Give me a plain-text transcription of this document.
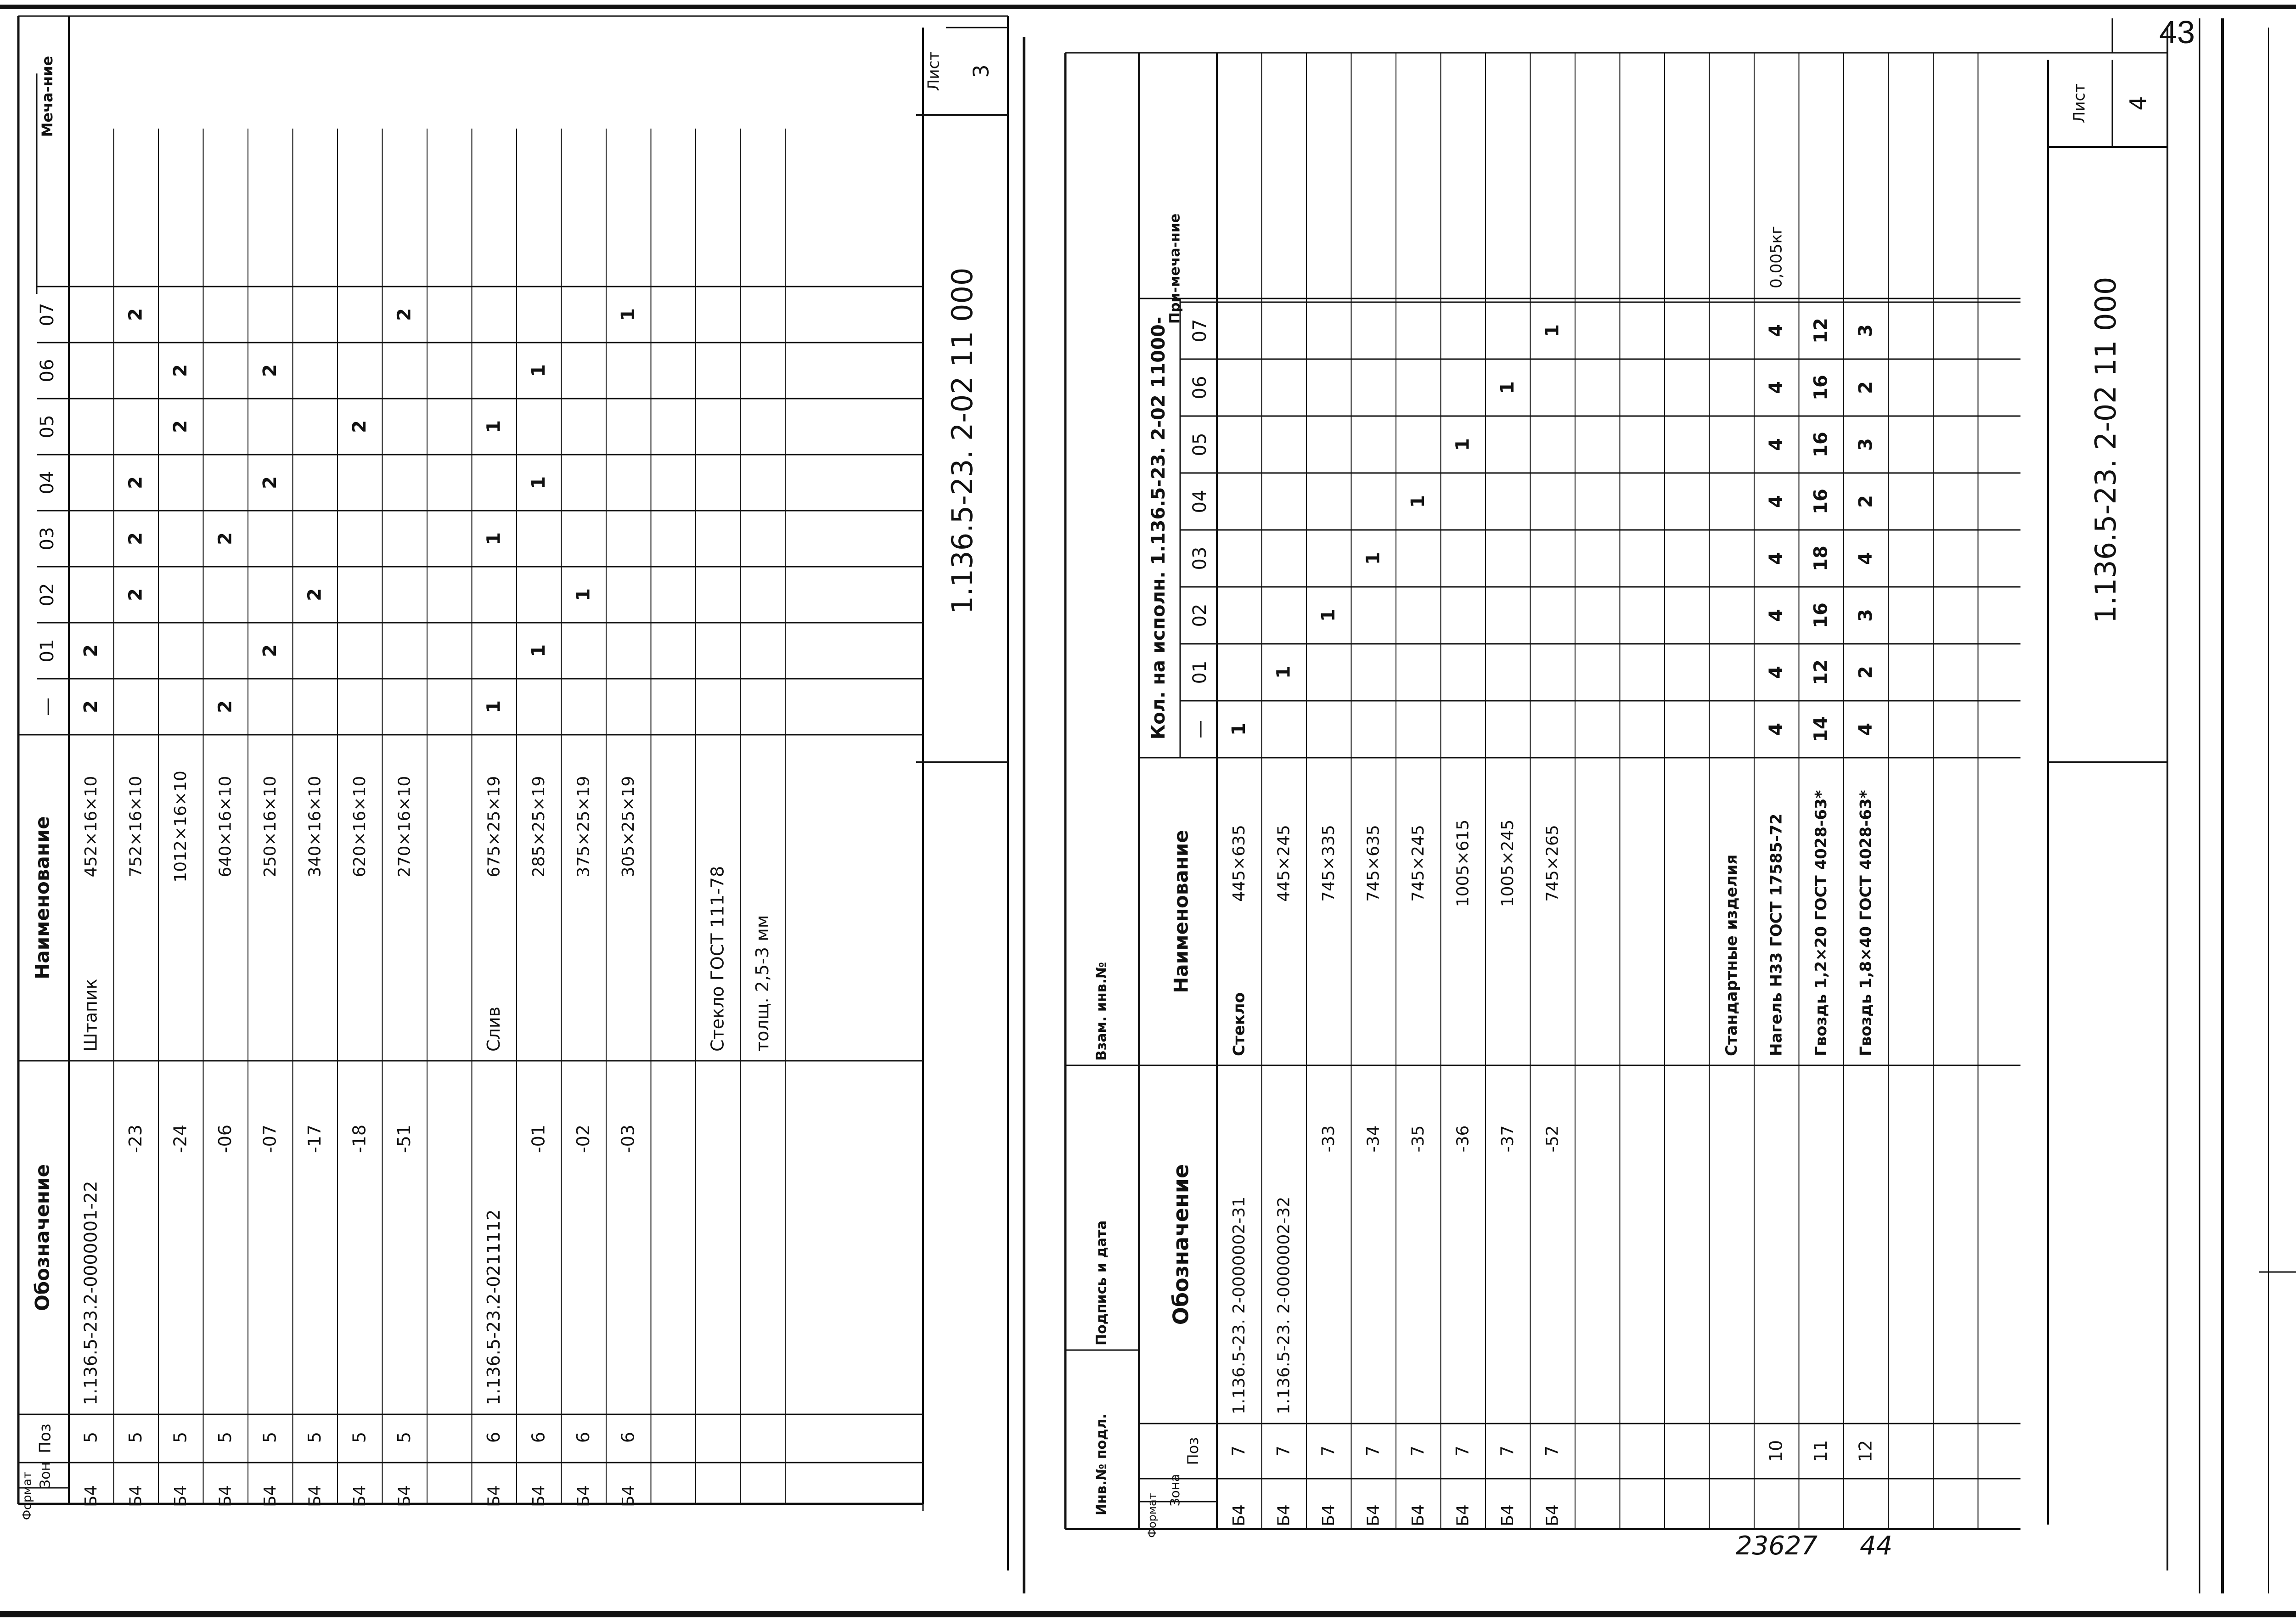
Формат Зон
Поз
Обозначение
Наименование
Меча-ние
—
01
02
03
04
05
06
07
Б4
5
1.136.5-23.2-0000001-22
Штапик
452×16×10
2
2
Б4
5
-23
752×16×10
2
2
2
2
Б4
5
-24
1012×16×10
2
2
Б4
5
-06
640×16×10
2
2
Б4
5
-07
250×16×10
2
2
2
Б4
5
-17
340×16×10
2
Б4
5
-18
620×16×10
2
Б4
5
-51
270×16×10
2
Б4
6
1.136.5-23.2-0211112
Слив
675×25×19
1
1
1
Б4
6
-01
285×25×19
1
1
1
Б4
6
-02
375×25×19
1
Б4
6
-03
305×25×19
1
Стекло ГОСТ 111-78 толщ. 2,5-3 мм
1.136.5-23. 2-02 11 000
Лист 3
Инв.№ подл.
Подпись и дата
Взам. инв.№
Формат
Зона
Поз
Обозначение
Наименование
Кол. на исполн. 1.136.5-23. 2-02 11000-
При-меча-ние
—
01
02
03
04
05
06
07
Б4
7
1.136.5-23. 2-0000002-31
Стекло
445×635
1
Б4
7
1.136.5-23. 2-0000002-32
445×245
1
Б4
7
-33
745×335
1
Б4
7
-34
745×635
1
Б4
7
-35
745×245
1
Б4
7
-36
1005×615
1
Б4
7
-37
1005×245
1
Б4
7
-52
745×265
1
Стандартные изделия
10
Нагель Н33 ГОСТ 17585-72
4
4
4
4
4
4
4
4
0,005кг
11
Гвоздь 1,2×20 ГОСТ 4028-63*
14
12
16
18
16
16
16
12
12
Гвоздь 1,8×40 ГОСТ 4028-63*
4
2
3
4
2
3
2
3	1.136.5-23. 2-02 11 000
Лист 4
23627 44
43
